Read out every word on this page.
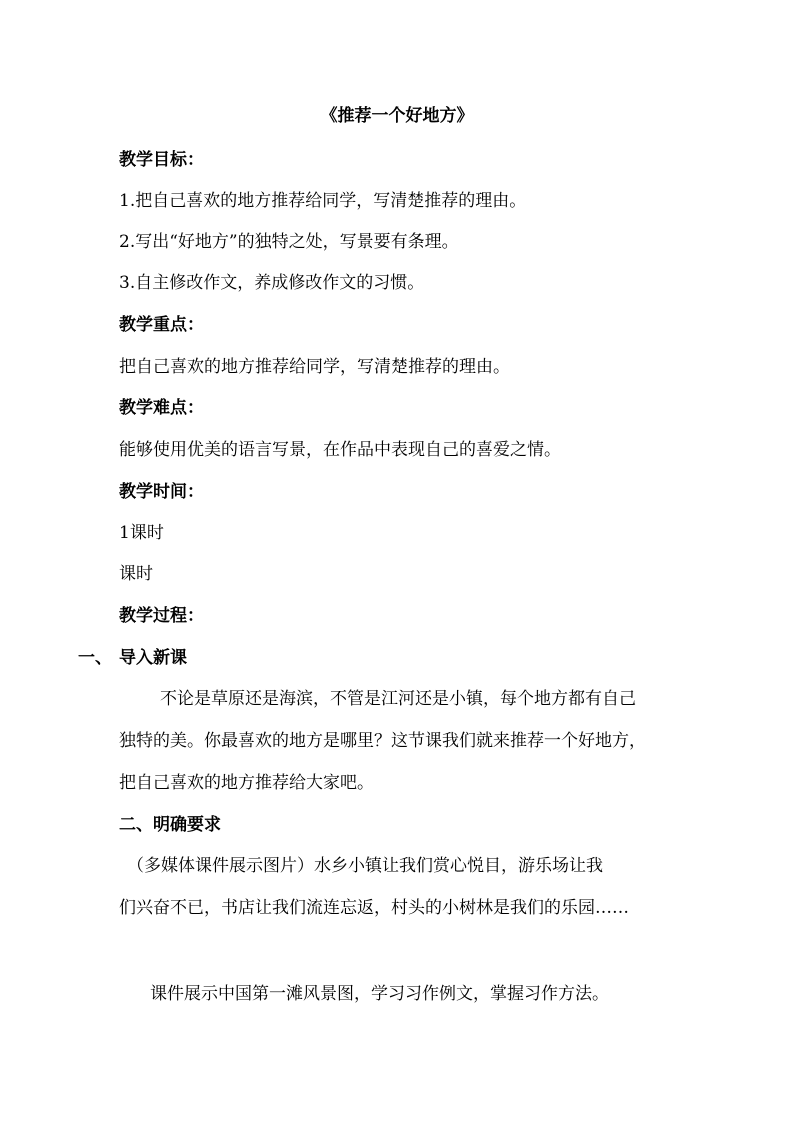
《推荐一个好地方》
教学目标：
1.把自己喜欢的地方推荐给同学，写清楚推荐的理由。
2.写出“好地方”的独特之处，写景要有条理。
3.自主修改作文，养成修改作文的习惯。
教学重点：
把自己喜欢的地方推荐给同学，写清楚推荐的理由。
教学难点：
能够使用优美的语言写景，在作品中表现自己的喜爱之情。
教学时间：
1课时
课时
教学过程：
一、 导入新课
不论是草原还是海滨，不管是江河还是小镇，每个地方都有自己
独特的美。你最喜欢的地方是哪里？这节课我们就来推荐一个好地方，
把自己喜欢的地方推荐给大家吧。
二、明确要求
（多媒体课件展示图片）水乡小镇让我们赏心悦目，游乐场让我
们兴奋不已，书店让我们流连忘返，村头的小树林是我们的乐园……
课件展示中国第一滩风景图，学习习作例文，掌握习作方法。
